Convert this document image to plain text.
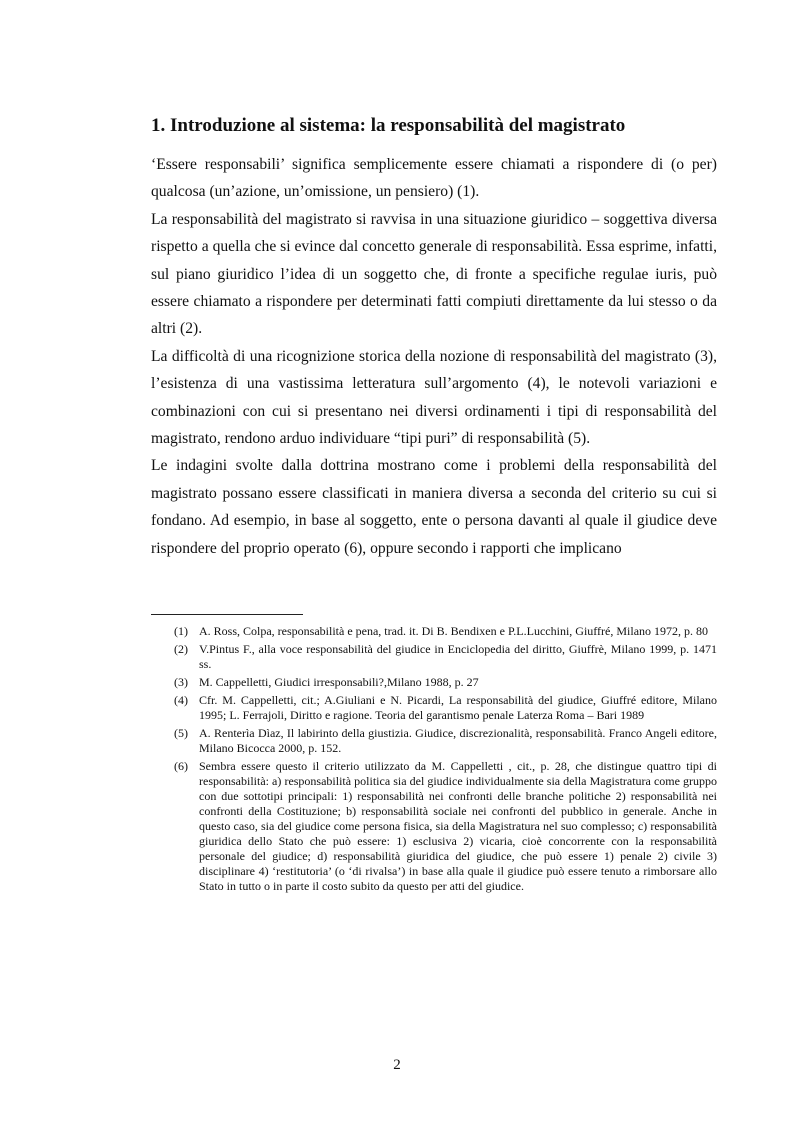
1. Introduzione al sistema: la responsabilità del magistrato

‘Essere responsabili’ significa semplicemente essere chiamati a rispondere di (o per) qualcosa (un’azione, un’omissione, un pensiero) (1).

La responsabilità del magistrato si ravvisa in una situazione giuridico – soggettiva diversa rispetto a quella che si evince dal concetto generale di responsabilità. Essa esprime, infatti, sul piano giuridico l’idea di un soggetto che, di fronte a specifiche regulae iuris, può essere chiamato a rispondere per determinati fatti compiuti direttamente da lui stesso o da altri (2).

La difficoltà di una ricognizione storica della nozione di responsabilità del magistrato (3), l’esistenza di una vastissima letteratura sull’argomento (4), le notevoli variazioni e combinazioni con cui si presentano nei diversi ordinamenti i tipi di responsabilità del magistrato, rendono arduo individuare “tipi puri” di responsabilità (5).

Le indagini svolte dalla dottrina mostrano come i problemi della responsabilità del magistrato possano essere classificati in maniera diversa a seconda del criterio su cui si fondano. Ad esempio, in base al soggetto, ente o persona davanti al quale il giudice deve rispondere del proprio operato (6), oppure secondo i rapporti che implicano

(1) A. Ross, Colpa, responsabilità e pena, trad. it. Di B. Bendixen e P.L.Lucchini, Giuffré, Milano 1972, p. 80
(2) V.Pintus F., alla voce responsabilità del giudice in Enciclopedia del diritto, Giuffrè, Milano 1999, p. 1471 ss.
(3) M. Cappelletti, Giudici irresponsabili?,Milano 1988, p. 27
(4) Cfr. M. Cappelletti, cit.; A.Giuliani e N. Picardi, La responsabilità del giudice, Giuffré editore, Milano 1995; L. Ferrajoli, Diritto e ragione. Teoria del garantismo penale Laterza Roma – Bari 1989
(5) A. Renterìa Dìaz, Il labirinto della giustizia. Giudice, discrezionalità, responsabilità. Franco Angeli editore, Milano Bicocca 2000, p. 152.
(6) Sembra essere questo il criterio utilizzato da M. Cappelletti , cit., p. 28, che distingue quattro tipi di responsabilità: a) responsabilità politica sia del giudice individualmente sia della Magistratura come gruppo con due sottotipi principali: 1) responsabilità nei confronti delle branche politiche 2) responsabilità nei confronti della Costituzione; b) responsabilità sociale nei confronti del pubblico in generale. Anche in questo caso, sia del giudice come persona fisica, sia della Magistratura nel suo complesso; c) responsabilità giuridica dello Stato che può essere: 1) esclusiva 2) vicaria, cioè concorrente con la responsabilità personale del giudice; d) responsabilità giuridica del giudice, che può essere 1) penale 2) civile 3) disciplinare 4) ‘restitutoria’ (o ‘di rivalsa’) in base alla quale il giudice può essere tenuto a rimborsare allo Stato in tutto o in parte il costo subito da questo per atti del giudice.
2
